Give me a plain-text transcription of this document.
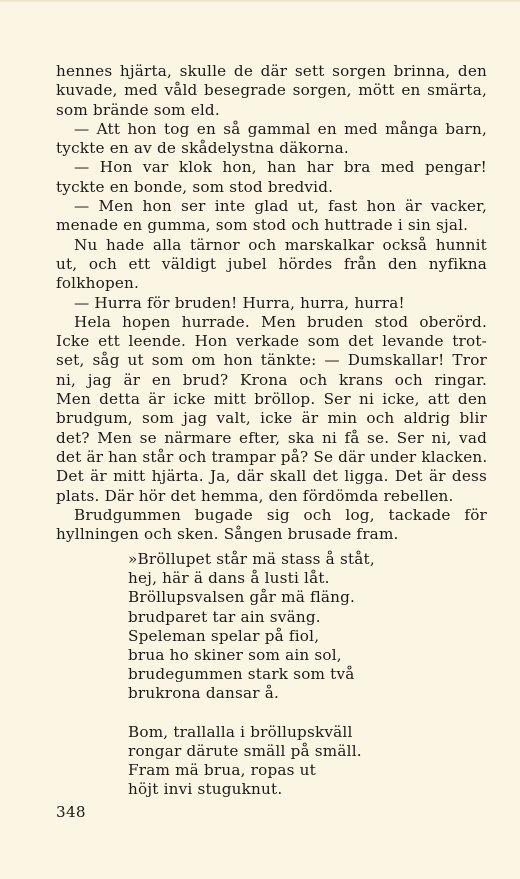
hennes hjärta, skulle de där sett sorgen brinna, den
kuvade, med våld besegrade sorgen, mött en smärta,
som brände som eld.
— Att hon tog en så gammal en med många barn,
tyckte en av de skådelystna däkorna.
— Hon var klok hon, han har bra med pengar!
tyckte en bonde, som stod bredvid.
— Men hon ser inte glad ut, fast hon är vacker,
menade en gumma, som stod och huttrade i sin sjal.
Nu hade alla tärnor och marskalkar också hunnit
ut, och ett väldigt jubel hördes från den nyfikna
folkhopen.
— Hurra för bruden! Hurra, hurra, hurra!
Hela hopen hurrade. Men bruden stod oberörd.
Icke ett leende. Hon verkade som det levande trot-
set, såg ut som om hon tänkte: — Dumskallar! Tror
ni, jag är en brud? Krona och krans och ringar.
Men detta är icke mitt bröllop. Ser ni icke, att den
brudgum, som jag valt, icke är min och aldrig blir
det? Men se närmare efter, ska ni få se. Ser ni, vad
det är han står och trampar på? Se där under klacken.
Det är mitt hjärta. Ja, där skall det ligga. Det är dess
plats. Där hör det hemma, den fördömda rebellen.
Brudgummen bugade sig och log, tackade för
hyllningen och sken. Sången brusade fram.
»Bröllupet står mä stass å ståt,
hej, här ä dans å lusti låt.
Bröllupsvalsen går mä fläng.
brudparet tar ain sväng.
Speleman spelar på fiol,
brua ho skiner som ain sol,
brudegummen stark som två
brukrona dansar å.
Bom, trallalla i bröllupskväll
rongar därute smäll på smäll.
Fram mä brua, ropas ut
höjt invi stuguknut.
348
